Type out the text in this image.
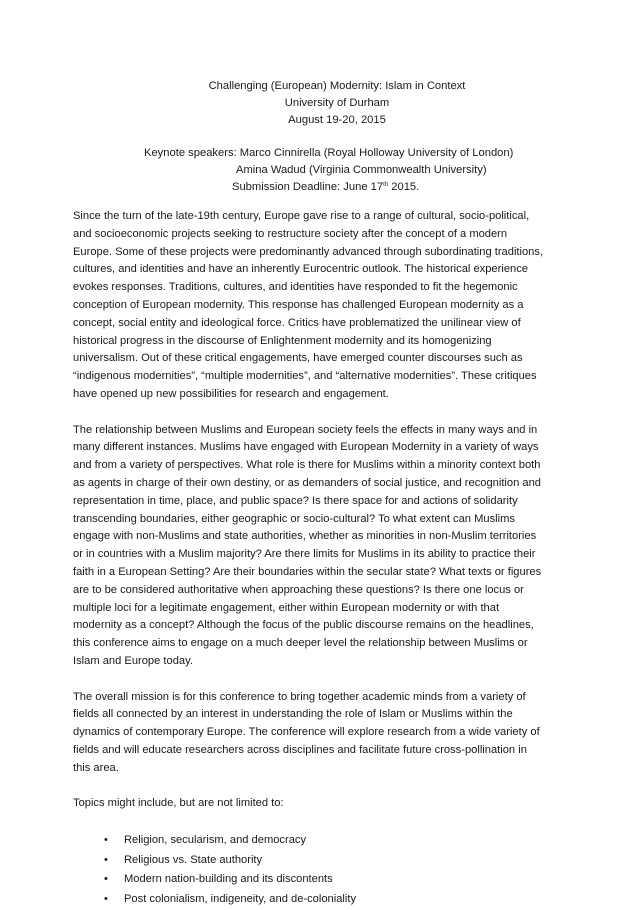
Challenging (European) Modernity: Islam in Context
University of Durham
August 19-20, 2015
Keynote speakers: Marco Cinnirella (Royal Holloway University of London)
Amina Wadud (Virginia Commonwealth University)
Submission Deadline: June 17th 2015.

Since the turn of the late-19th century, Europe gave rise to a range of cultural, socio-political, and socioeconomic projects seeking to restructure society after the concept of a modern Europe. Some of these projects were predominantly advanced through subordinating traditions, cultures, and identities and have an inherently Eurocentric outlook. The historical experience evokes responses. Traditions, cultures, and identities have responded to fit the hegemonic conception of European modernity. This response has challenged European modernity as a concept, social entity and ideological force. Critics have problematized the unilinear view of historical progress in the discourse of Enlightenment modernity and its homogenizing universalism. Out of these critical engagements, have emerged counter discourses such as “indigenous modernities”, “multiple modernities”, and “alternative modernities”. These critiques have opened up new possibilities for research and engagement.

The relationship between Muslims and European society feels the effects in many ways and in many different instances. Muslims have engaged with European Modernity in a variety of ways and from a variety of perspectives. What role is there for Muslims within a minority context both as agents in charge of their own destiny, or as demanders of social justice, and recognition and representation in time, place, and public space? Is there space for and actions of solidarity transcending boundaries, either geographic or socio-cultural? To what extent can Muslims engage with non-Muslims and state authorities, whether as minorities in non-Muslim territories or in countries with a Muslim majority? Are there limits for Muslims in its ability to practice their faith in a European Setting? Are their boundaries within the secular state? What texts or figures are to be considered authoritative when approaching these questions? Is there one locus or multiple loci for a legitimate engagement, either within European modernity or with that modernity as a concept? Although the focus of the public discourse remains on the headlines, this conference aims to engage on a much deeper level the relationship between Muslims or Islam and Europe today.

The overall mission is for this conference to bring together academic minds from a variety of fields all connected by an interest in understanding the role of Islam or Muslims within the dynamics of contemporary Europe. The conference will explore research from a wide variety of fields and will educate researchers across disciplines and facilitate future cross-pollination in this area.

Topics might include, but are not limited to:

• Religion, secularism, and democracy
• Religious vs. State authority
• Modern nation-building and its discontents
• Post colonialism, indigeneity, and de-coloniality
